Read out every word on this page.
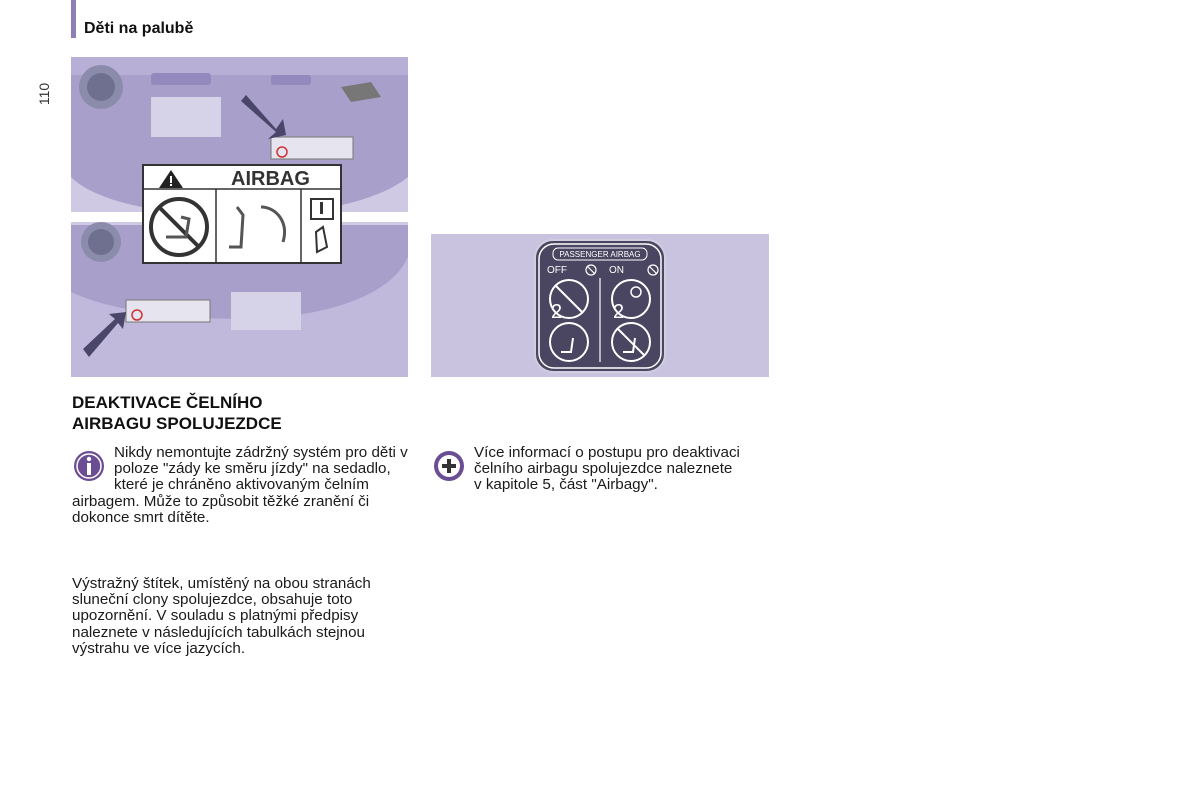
110
Děti na palubě
AIRBAG
PASSENGER AIRBAG
OFF	ON
2	2
DEAKTIVACE ČELNÍHO
AIRBAGU SPOLUJEZDCE
Nikdy nemontujte zádržný systém pro děti v poloze "zády ke směru jízdy" na sedadlo, které je chráněno aktivovaným čelním airbagem. Může to způsobit těžké zranění či dokonce smrt dítěte.
Více informací o postupu pro deaktivaci čelního airbagu spolujezdce naleznete v kapitole 5, část "Airbagy".

Výstražný štítek, umístěný na obou stranách sluneční clony spolujezdce, obsahuje toto upozornění. V souladu s platnými předpisy naleznete v následujících tabulkách stejnou výstrahu ve více jazycích.
